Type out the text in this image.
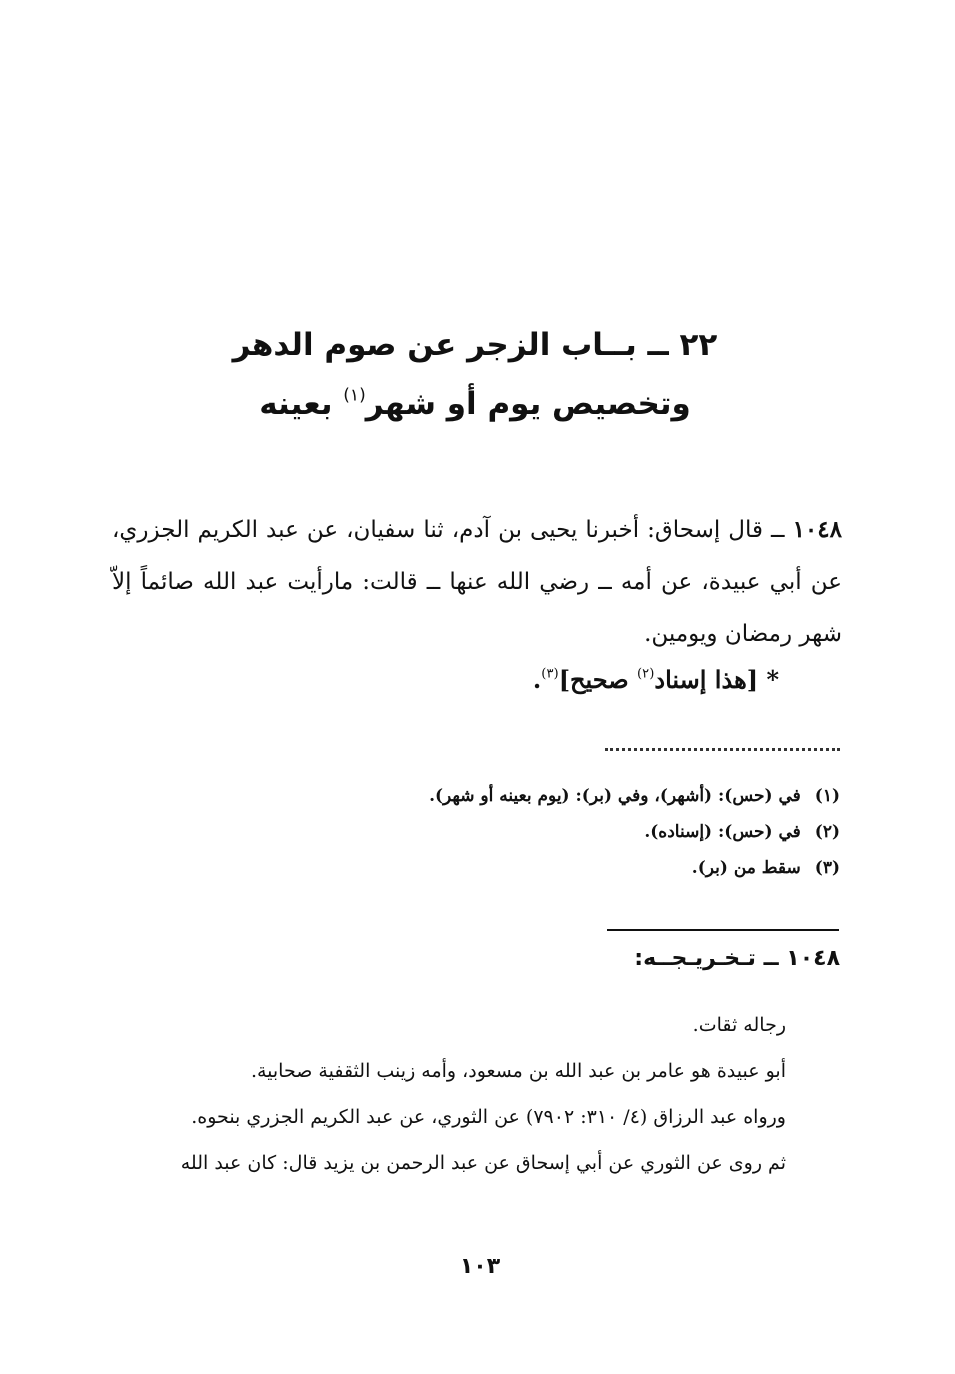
٢٢ ــ بــاب الزجر عن صوم الدهر
وتخصيص يوم أو شهر$^{(١)}$ بعينه

١٠٤٨ ــ قال إسحاق: أخبرنا يحيى بن آدم، ثنا سفيان، عن عبد الكريم الجزري، عن أبي عبيدة، عن أمه ــ رضي الله عنها ــ قالت: مارأيت عبد الله صائماً إلاّ شهر رمضان ويومين.

* [هذا إسناد$^{(٢)}$ صحيح]$^{(٣)}$.

(١)في (حس): (أشهر)، وفي (بر): (يوم بعينه أو شهر).
(٢)في (حس): (إسناده).
(٣)سقط من (بر).
١٠٤٨ ــ تـخـريـجــه:

رجاله ثقات.

أبو عبيدة هو عامر بن عبد الله بن مسعود، وأمه زينب الثقفية صحابية.

ورواه عبد الرزاق (٤/ ٣١٠: ٧٩٠٢) عن الثوري، عن عبد الكريم الجزري بنحوه.

ثم روى عن الثوري عن أبي إسحاق عن عبد الرحمن بن يزيد قال: كان عبد الله

١٠٣
